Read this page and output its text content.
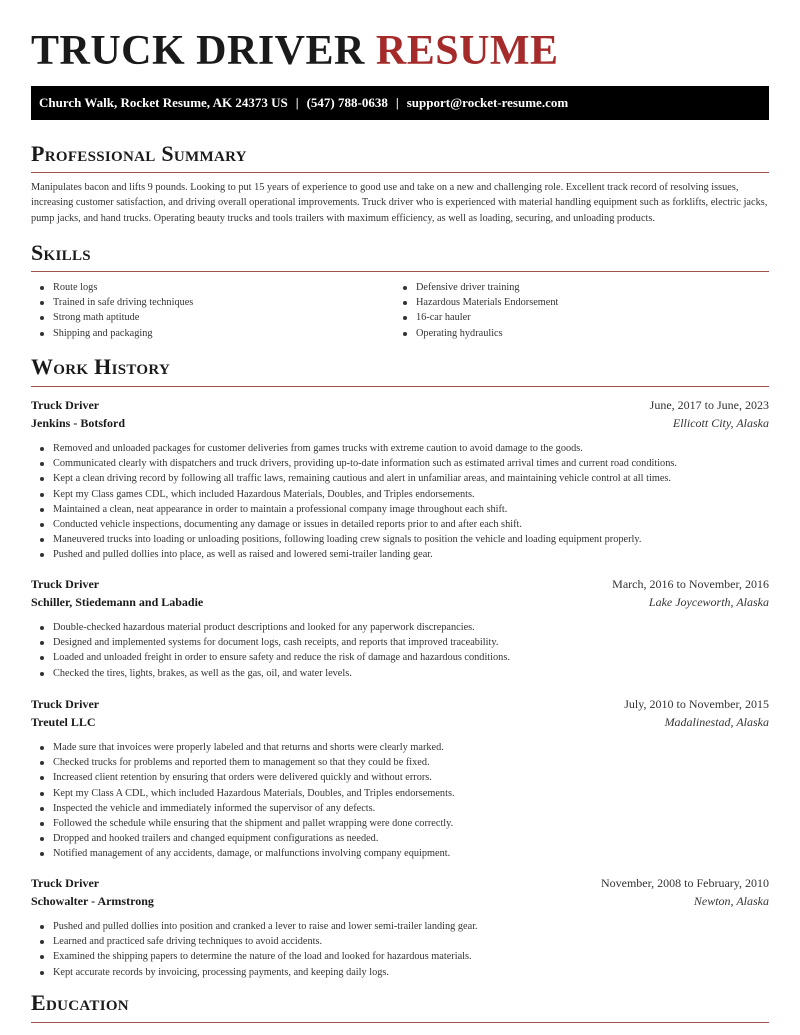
TRUCK DRIVER RESUME
Church Walk, Rocket Resume, AK 24373 US | (547) 788-0638 | support@rocket-resume.com
Professional Summary

Manipulates bacon and lifts 9 pounds. Looking to put 15 years of experience to good use and take on a new and challenging role. Excellent track record of resolving issues, increasing customer satisfaction, and driving overall operational improvements. Truck driver who is experienced with material handling equipment such as forklifts, electric jacks, pump jacks, and hand trucks. Operating beauty trucks and tools trailers with maximum efficiency, as well as loading, securing, and unloading products.

Skills
Route logs
Trained in safe driving techniques
Strong math aptitude
Shipping and packaging
Defensive driver training
Hazardous Materials Endorsement
16-car hauler
Operating hydraulics
Work History
Truck Driver	June, 2017 to June, 2023
Jenkins - Botsford	Ellicott City, Alaska
Removed and unloaded packages for customer deliveries from games trucks with extreme caution to avoid damage to the goods.
Communicated clearly with dispatchers and truck drivers, providing up-to-date information such as estimated arrival times and current road conditions.
Kept a clean driving record by following all traffic laws, remaining cautious and alert in unfamiliar areas, and maintaining vehicle control at all times.
Kept my Class games CDL, which included Hazardous Materials, Doubles, and Triples endorsements.
Maintained a clean, neat appearance in order to maintain a professional company image throughout each shift.
Conducted vehicle inspections, documenting any damage or issues in detailed reports prior to and after each shift.
Maneuvered trucks into loading or unloading positions, following loading crew signals to position the vehicle and loading equipment properly.
Pushed and pulled dollies into place, as well as raised and lowered semi-trailer landing gear.
Truck Driver	March, 2016 to November, 2016
Schiller, Stiedemann and Labadie	Lake Joyceworth, Alaska
Double-checked hazardous material product descriptions and looked for any paperwork discrepancies.
Designed and implemented systems for document logs, cash receipts, and reports that improved traceability.
Loaded and unloaded freight in order to ensure safety and reduce the risk of damage and hazardous conditions.
Checked the tires, lights, brakes, as well as the gas, oil, and water levels.
Truck Driver	July, 2010 to November, 2015
Treutel LLC	Madalinestad, Alaska
Made sure that invoices were properly labeled and that returns and shorts were clearly marked.
Checked trucks for problems and reported them to management so that they could be fixed.
Increased client retention by ensuring that orders were delivered quickly and without errors.
Kept my Class A CDL, which included Hazardous Materials, Doubles, and Triples endorsements.
Inspected the vehicle and immediately informed the supervisor of any defects.
Followed the schedule while ensuring that the shipment and pallet wrapping were done correctly.
Dropped and hooked trailers and changed equipment configurations as needed.
Notified management of any accidents, damage, or malfunctions involving company equipment.
Truck Driver	November, 2008 to February, 2010
Schowalter - Armstrong	Newton, Alaska
Pushed and pulled dollies into position and cranked a lever to raise and lower semi-trailer landing gear.
Learned and practiced safe driving techniques to avoid accidents.
Examined the shipping papers to determine the nature of the load and looked for hazardous materials.
Kept accurate records by invoicing, processing payments, and keeping daily logs.
Education
